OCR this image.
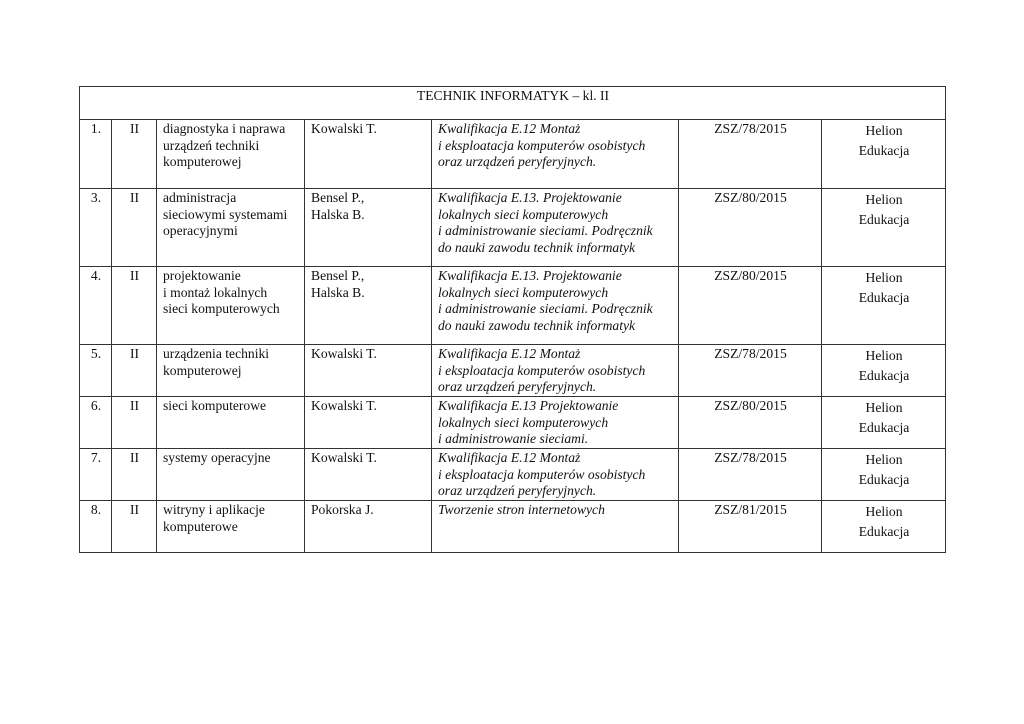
TECHNIK INFORMATYK – kl. II						
1.	II	diagnostyka i naprawa
urządzeń techniki
komputerowej	Kowalski T.	Kwalifikacja E.12 Montaż
i eksploatacja komputerów osobistych
oraz urządzeń peryferyjnych.	ZSZ/78/2015	Helion
Edukacja

3.	II	administracja
sieciowymi systemami
operacyjnymi	Bensel P.,
Halska B.	Kwalifikacja E.13. Projektowanie
lokalnych sieci komputerowych
i administrowanie sieciami. Podręcznik
do nauki zawodu technik informatyk	ZSZ/80/2015	Helion
Edukacja

4.	II	projektowanie
i montaż lokalnych
sieci komputerowych	Bensel P.,
Halska B.	Kwalifikacja E.13. Projektowanie
lokalnych sieci komputerowych
i administrowanie sieciami. Podręcznik
do nauki zawodu technik informatyk	ZSZ/80/2015	Helion
Edukacja

5.	II	urządzenia techniki
komputerowej	Kowalski T.	Kwalifikacja E.12 Montaż
i eksploatacja komputerów osobistych
oraz urządzeń peryferyjnych.	ZSZ/78/2015	Helion
Edukacja

6.	II	sieci komputerowe	Kowalski T.	Kwalifikacja E.13 Projektowanie
lokalnych sieci komputerowych
i administrowanie sieciami.	ZSZ/80/2015	Helion
Edukacja

7.	II	systemy operacyjne	Kowalski T.	Kwalifikacja E.12 Montaż
i eksploatacja komputerów osobistych
oraz urządzeń peryferyjnych.	ZSZ/78/2015	Helion
Edukacja

8.	II	witryny i aplikacje
komputerowe	Pokorska J.	Tworzenie stron internetowych	ZSZ/81/2015	Helion
Edukacja
